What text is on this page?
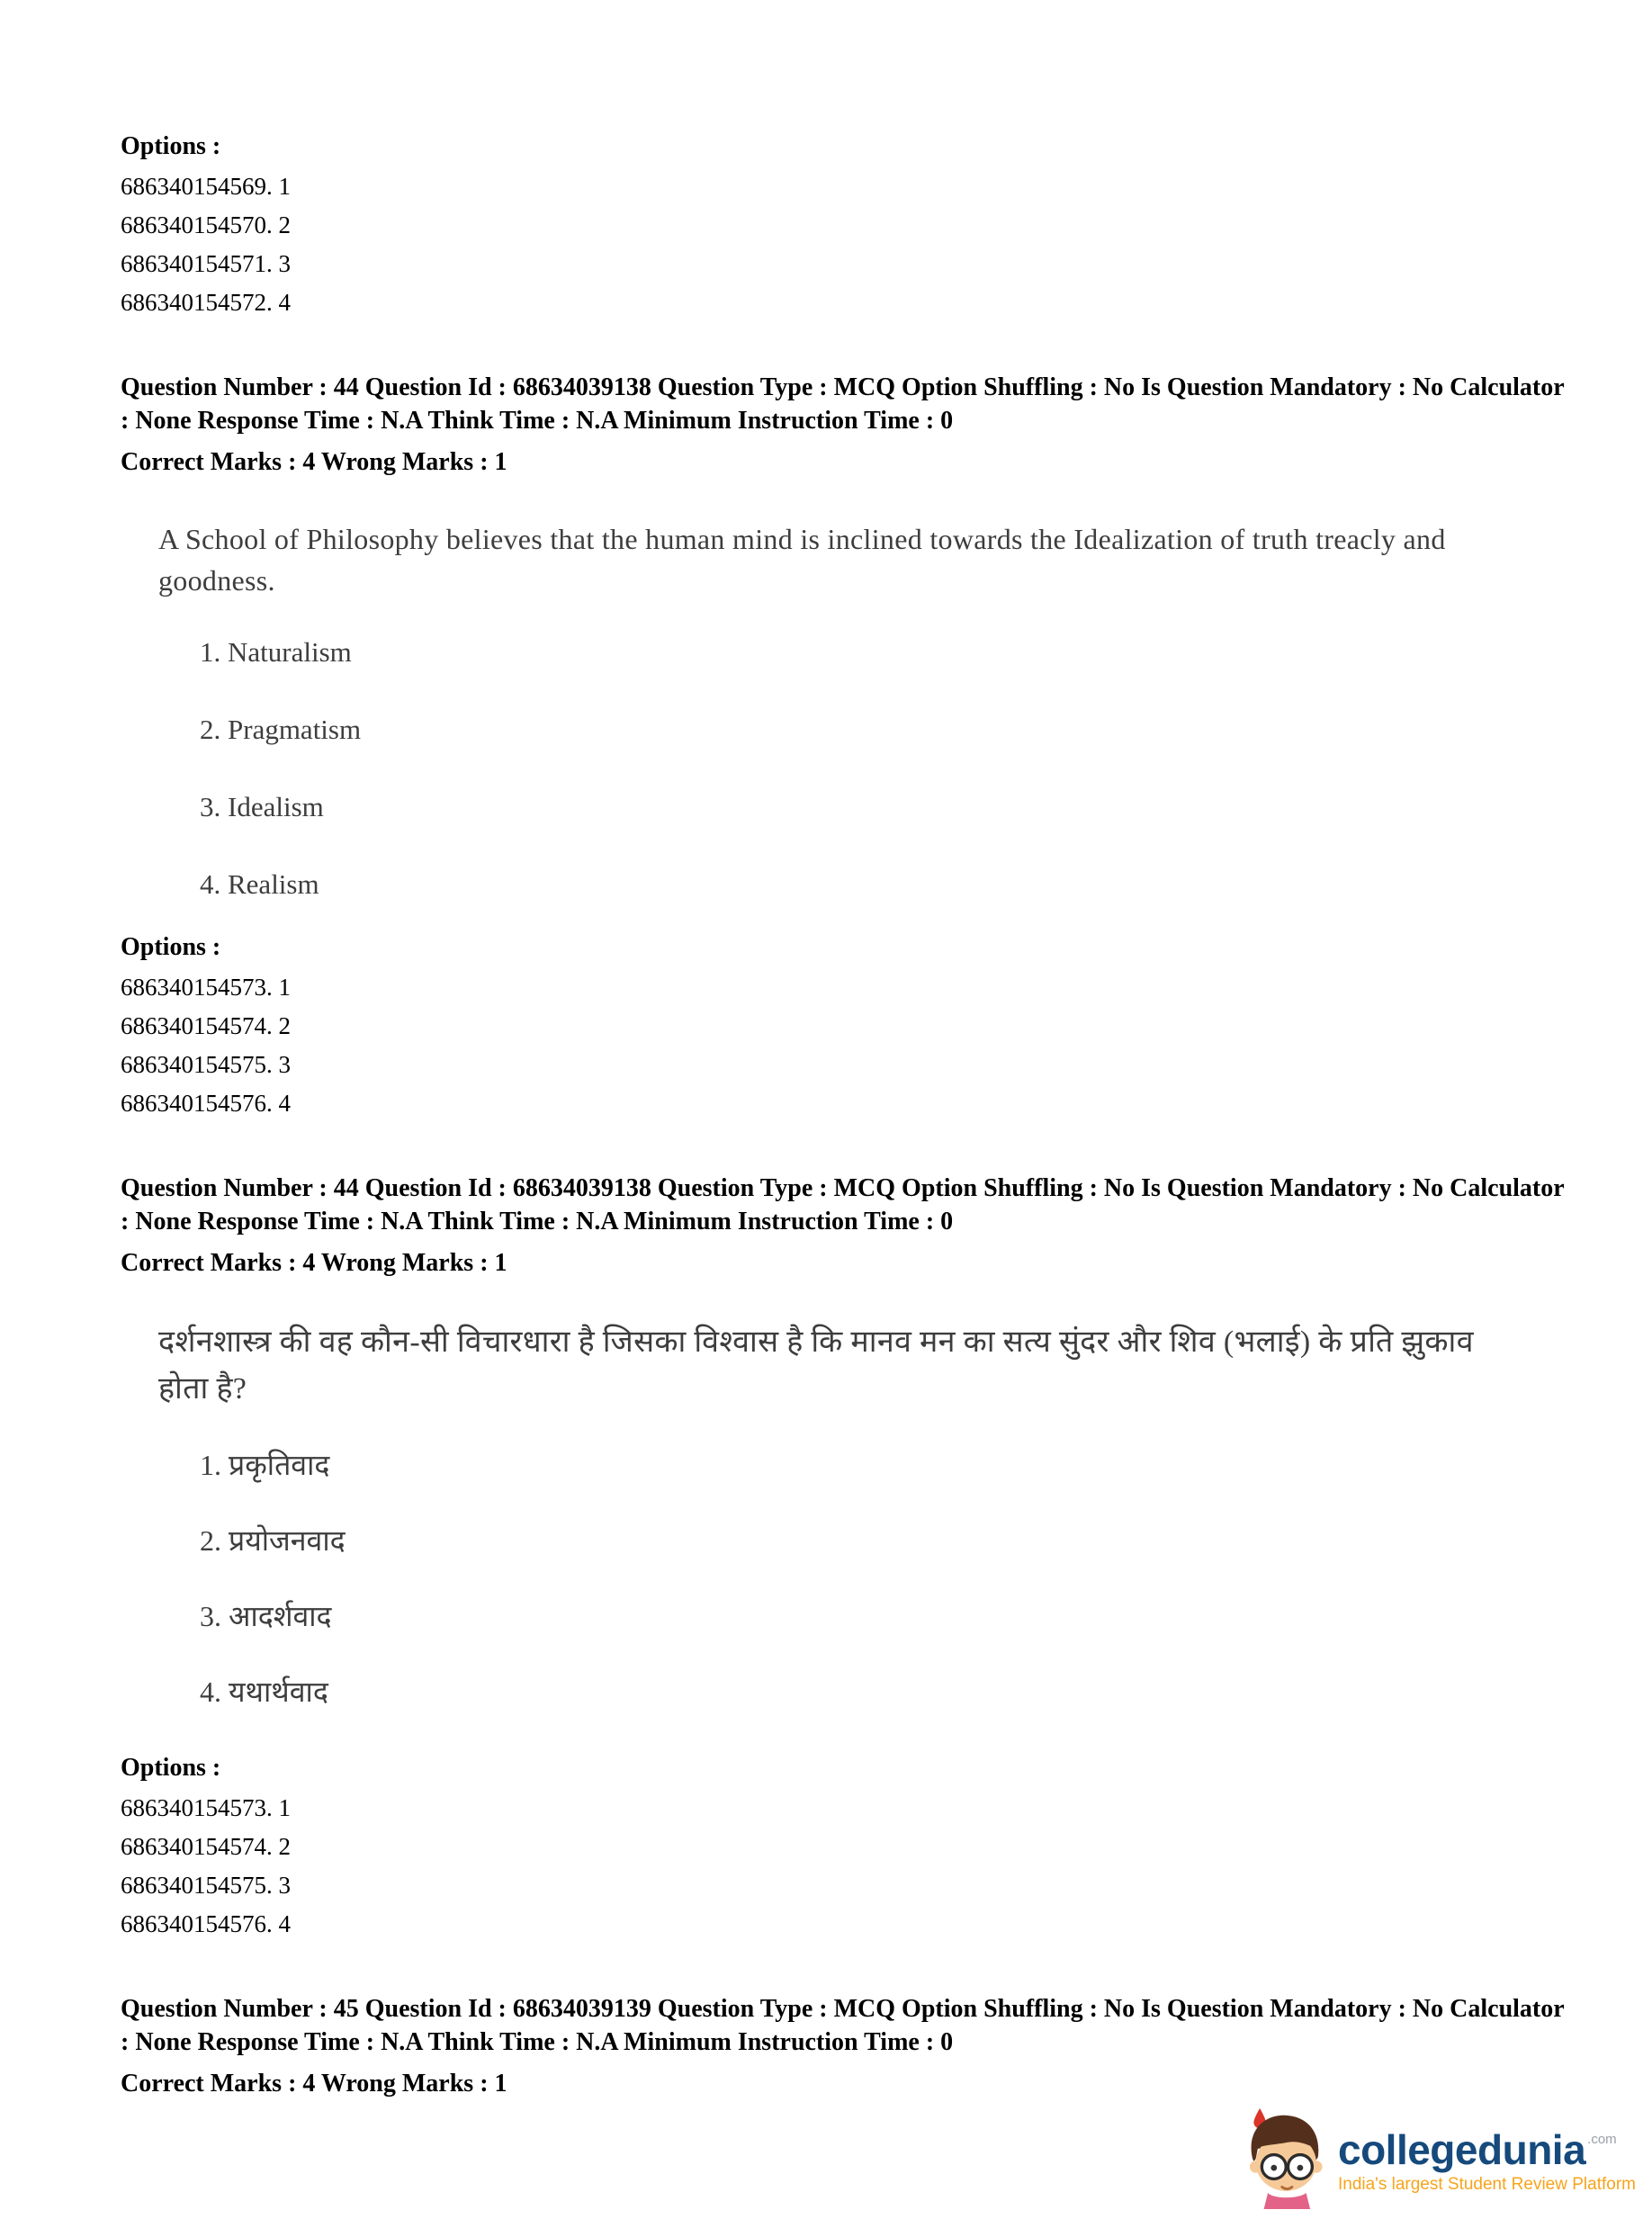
Options :

686340154569. 1

686340154570. 2

686340154571. 3

686340154572. 4

Question Number : 44 Question Id : 68634039138 Question Type : MCQ Option Shuffling : No Is Question Mandatory : No Calculator : None Response Time : N.A Think Time : N.A Minimum Instruction Time : 0

Correct Marks : 4 Wrong Marks : 1

A School of Philosophy believes that the human mind is inclined towards the Idealization of truth treacly and goodness.

1. Naturalism

2. Pragmatism

3. Idealism

4. Realism

Options :

686340154573. 1

686340154574. 2

686340154575. 3

686340154576. 4

Question Number : 44 Question Id : 68634039138 Question Type : MCQ Option Shuffling : No Is Question Mandatory : No Calculator : None Response Time : N.A Think Time : N.A Minimum Instruction Time : 0

Correct Marks : 4 Wrong Marks : 1

दर्शनशास्त्र की वह कौन-सी विचारधारा है जिसका विश्वास है कि मानव मन का सत्य सुंदर और शिव (भलाई) के प्रति झुकाव होता है?

1. प्रकृतिवाद

2. प्रयोजनवाद

3. आदर्शवाद

4. यथार्थवाद

Options :

686340154573. 1

686340154574. 2

686340154575. 3

686340154576. 4

Question Number : 45 Question Id : 68634039139 Question Type : MCQ Option Shuffling : No Is Question Mandatory : No Calculator : None Response Time : N.A Think Time : N.A Minimum Instruction Time : 0

Correct Marks : 4 Wrong Marks : 1

collegedunia .com
India's largest Student Review Platform
